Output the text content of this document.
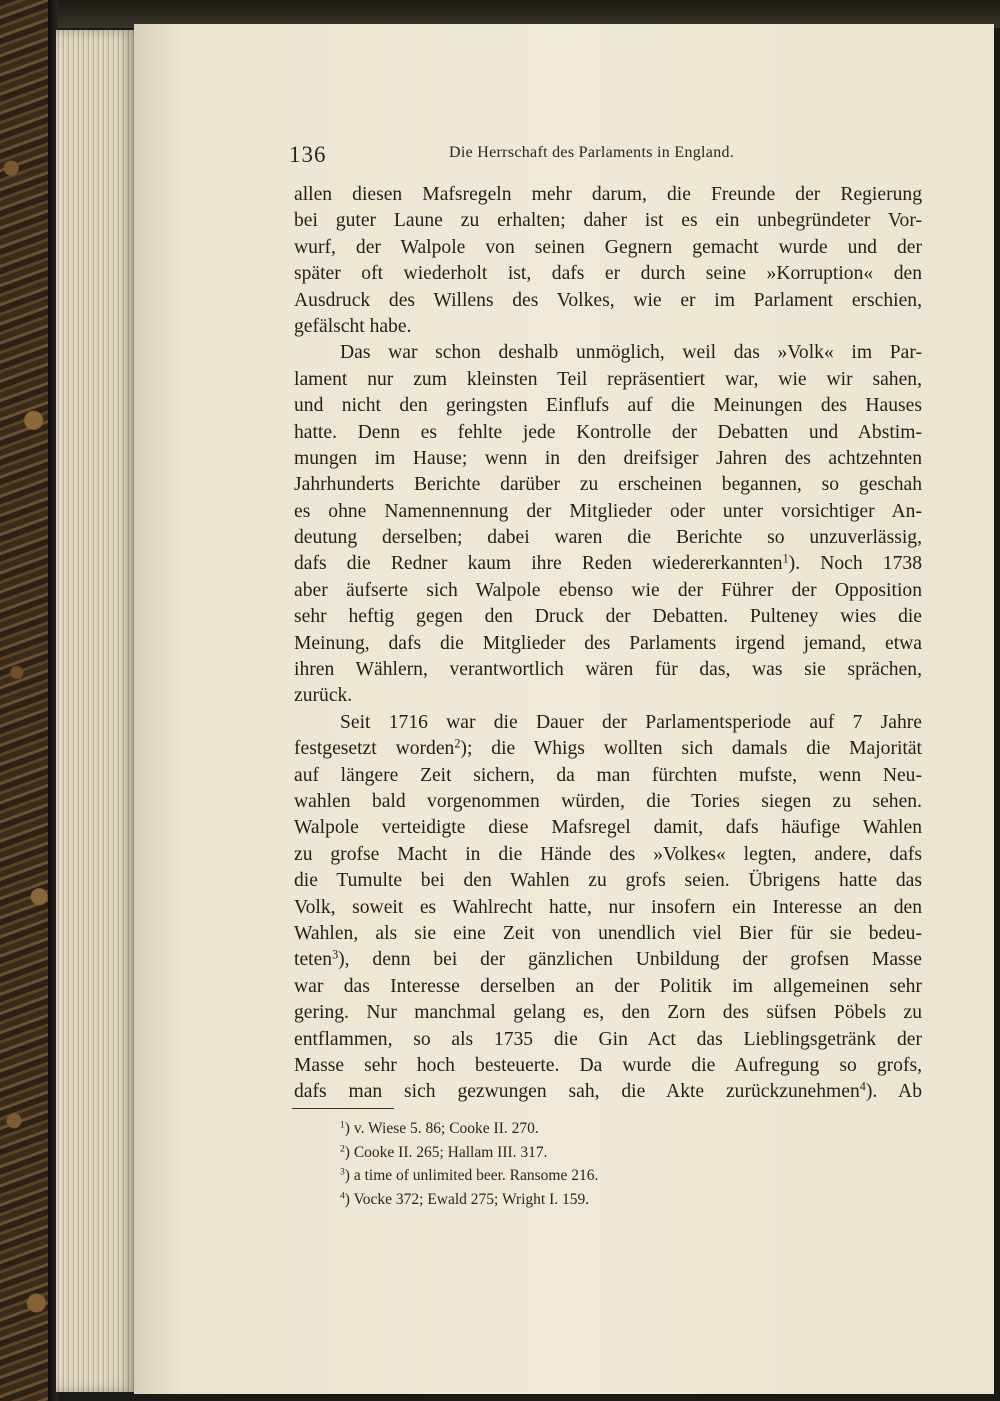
136	Die Herrschaft des Parlaments in England.
allen diesen Mafsregeln mehr darum, die Freunde der Regierung
bei guter Laune zu erhalten; daher ist es ein unbegründeter Vor-
wurf, der Walpole von seinen Gegnern gemacht wurde und der
später oft wiederholt ist, dafs er durch seine »Korruption« den
Ausdruck des Willens des Volkes, wie er im Parlament erschien,
gefälscht habe.
Das war schon deshalb unmöglich, weil das »Volk« im Par-
lament nur zum kleinsten Teil repräsentiert war, wie wir sahen,
und nicht den geringsten Einflufs auf die Meinungen des Hauses
hatte. Denn es fehlte jede Kontrolle der Debatten und Abstim-
mungen im Hause; wenn in den dreifsiger Jahren des achtzehnten
Jahrhunderts Berichte darüber zu erscheinen begannen, so geschah
es ohne Namennennung der Mitglieder oder unter vorsichtiger An-
deutung derselben; dabei waren die Berichte so unzuverlässig,
dafs die Redner kaum ihre Reden wiedererkannten$^1$). Noch 1738
aber äufserte sich Walpole ebenso wie der Führer der Opposition
sehr heftig gegen den Druck der Debatten. Pulteney wies die
Meinung, dafs die Mitglieder des Parlaments irgend jemand, etwa
ihren Wählern, verantwortlich wären für das, was sie sprächen,
zurück.
Seit 1716 war die Dauer der Parlamentsperiode auf 7 Jahre
festgesetzt worden$^2$); die Whigs wollten sich damals die Majorität
auf längere Zeit sichern, da man fürchten mufste, wenn Neu-
wahlen bald vorgenommen würden, die Tories siegen zu sehen.
Walpole verteidigte diese Mafsregel damit, dafs häufige Wahlen
zu grofse Macht in die Hände des »Volkes« legten, andere, dafs
die Tumulte bei den Wahlen zu grofs seien. Übrigens hatte das
Volk, soweit es Wahlrecht hatte, nur insofern ein Interesse an den
Wahlen, als sie eine Zeit von unendlich viel Bier für sie bedeu-
teten$^3$), denn bei der gänzlichen Unbildung der grofsen Masse
war das Interesse derselben an der Politik im allgemeinen sehr
gering. Nur manchmal gelang es, den Zorn des süfsen Pöbels zu
entflammen, so als 1735 die Gin Act das Lieblingsgetränk der
Masse sehr hoch besteuerte. Da wurde die Aufregung so grofs,
dafs man sich gezwungen sah, die Akte zurückzunehmen$^4$). Ab
$^1$) v. Wiese 5. 86; Cooke II. 270.
$^2$) Cooke II. 265; Hallam III. 317.
$^3$) a time of unlimited beer. Ransome 216.
$^4$) Vocke 372; Ewald 275; Wright I. 159.
